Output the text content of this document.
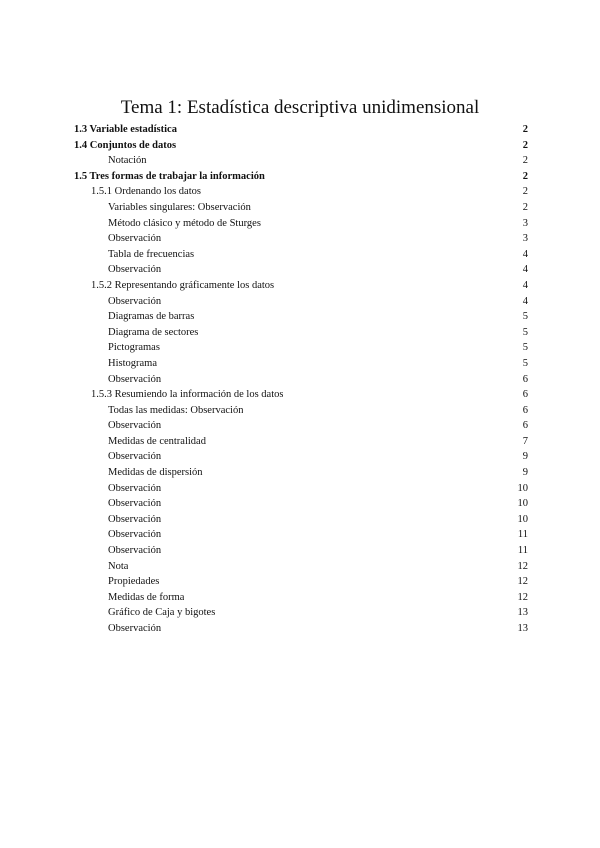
Tema 1: Estadística descriptiva unidimensional
1.3 Variable estadística	2
1.4 Conjuntos de datos	2
Notación	2
1.5 Tres formas de trabajar la información	2
1.5.1 Ordenando los datos	2
Variables singulares: Observación	2
Método clásico y método de Sturges	3
Observación	3
Tabla de frecuencias	4
Observación	4
1.5.2 Representando gráficamente los datos	4
Observación	4
Diagramas de barras	5
Diagrama de sectores	5
Pictogramas	5
Histograma	5
Observación	6
1.5.3 Resumiendo la información de los datos	6
Todas las medidas: Observación	6
Observación	6
Medidas de centralidad	7
Observación	9
Medidas de dispersión	9
Observación	10
Observación	10
Observación	10
Observación	11
Observación	11
Nota	12
Propiedades	12
Medidas de forma	12
Gráfico de Caja y bigotes	13
Observación	13
